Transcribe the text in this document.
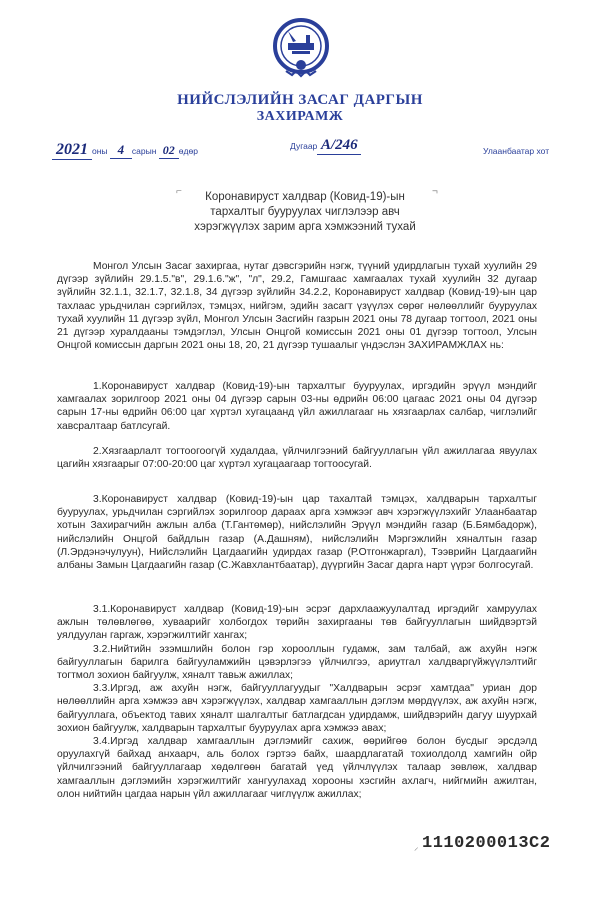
НИЙСЛЭЛИЙН ЗАСАГ ДАРГЫН
ЗАХИРАМЖ
2021 оны 4 сарын 02 өдөр	Дугаар А/246	Улаанбаатар хот
⌐	¬
Коронавируст халдвар (Ковид-19)-ын
тархалтыг бууруулах чиглэлээр авч
хэрэгжүүлэх зарим арга хэмжээний тухай

Монгол Улсын Засаг захиргаа, нутаг дэвсгэрийн нэгж, түүний удирдлагын тухай хуулийн 29 дүгээр зүйлийн 29.1.5."в", 29.1.6."ж", "л", 29.2, Гамшгаас хамгаалах тухай хуулийн 32 дугаар зүйлийн 32.1.1, 32.1.7, 32.1.8, 34 дүгээр зүйлийн 34.2.2, Коронавируст халдвар (Ковид-19)-ын цар тахлаас урьдчилан сэргийлэх, тэмцэх, нийгэм, эдийн засагт үзүүлэх сөрөг нөлөөллийг бууруулах тухай хуулийн 11 дүгээр зүйл, Монгол Улсын Засгийн газрын 2021 оны 78 дугаар тогтоол, 2021 оны 21 дүгээр хуралдааны тэмдэглэл, Улсын Онцгой комиссын 2021 оны 01 дүгээр тогтоол, Улсын Онцгой комиссын даргын 2021 оны 18, 20, 21 дүгээр тушаалыг үндэслэн ЗАХИРАМЖЛАХ нь:

1.Коронавируст халдвар (Ковид-19)-ын тархалтыг бууруулах, иргэдийн эрүүл мэндийг хамгаалах зорилгоор 2021 оны 04 дүгээр сарын 03-ны өдрийн 06:00 цагаас 2021 оны 04 дүгээр сарын 17-ны өдрийн 06:00 цаг хүртэл хугацаанд үйл ажиллагааг нь хязгаарлах салбар, чиглэлийг хавсралтаар батлсугай.

2.Хязгаарлалт тогтоогоогүй худалдаа, үйлчилгээний байгууллагын үйл ажиллагаа явуулах цагийн хязгаарыг 07:00-20:00 цаг хүртэл хугацаагаар тогтоосугай.

3.Коронавируст халдвар (Ковид-19)-ын цар тахалтай тэмцэх, халдварын тархалтыг бууруулах, урьдчилан сэргийлэх зорилгоор дараах арга хэмжээг авч хэрэгжүүлэхийг Улаанбаатар хотын Захирагчийн ажлын алба (Т.Гантөмөр), нийслэлийн Эрүүл мэндийн газар (Б.Бямбадорж), нийслэлийн Онцгой байдлын газар (А.Дашням), нийслэлийн Мэргэжлийн хяналтын газар (Л.Эрдэнэчулуун), Нийслэлийн Цагдаагийн удирдах газар (Р.Отгонжаргал), Тээврийн Цагдаагийн албаны Замын Цагдаагийн газар (С.Жавхлантбаатар), дүүргийн Засаг дарга нарт үүрэг болгосугай.

3.1.Коронавируст халдвар (Ковид-19)-ын эсрэг дархлаажуулалтад иргэдийг хамруулах ажлын төлөвлөгөө, хуваарийг холбогдох төрийн захиргааны төв байгууллагын шийдвэртэй уялдуулан гаргаж, хэрэгжилтийг хангах;

3.2.Нийтийн эзэмшлийн болон гэр хорооллын гудамж, зам талбай, аж ахуйн нэгж байгууллагын барилга байгууламжийн цэвэрлэгээ үйлчилгээ, ариутгал халдваргүйжүүлэлтийг тогтмол зохион байгуулж, хяналт тавьж ажиллах;

3.3.Иргэд, аж ахуйн нэгж, байгууллагуудыг "Халдварын эсрэг хамтдаа" уриан дор нөлөөллийн арга хэмжээ авч хэрэгжүүлэх, халдвар хамгааллын дэглэм мөрдүүлэх, аж ахуйн нэгж, байгууллага, объектод тавих хяналт шалгалтыг батлагдсан удирдамж, шийдвэрийн дагуу шуурхай зохион байгуулж, халдварын тархалтыг бууруулах арга хэмжээ авах;

3.4.Иргэд халдвар хамгааллын дэглэмийг сахиж, өөрийгөө болон бусдыг эрсдэлд оруулахгүй байхад анхаарч, аль болох гэртээ байх, шаардлагатай тохиолдолд хамгийн ойр үйлчилгээний байгууллагаар хөдөлгөөн багатай үед үйлчлүүлэх талаар зөвлөж, халдвар хамгааллын дэглэмийн хэрэгжилтийг хангуулахад хорооны хэсгийн ахлагч, нийгмийн ажилтан, олон нийтийн цагдаа нарын үйл ажиллагааг чиглүүлж ажиллах;

⸝ 1110200013C2
